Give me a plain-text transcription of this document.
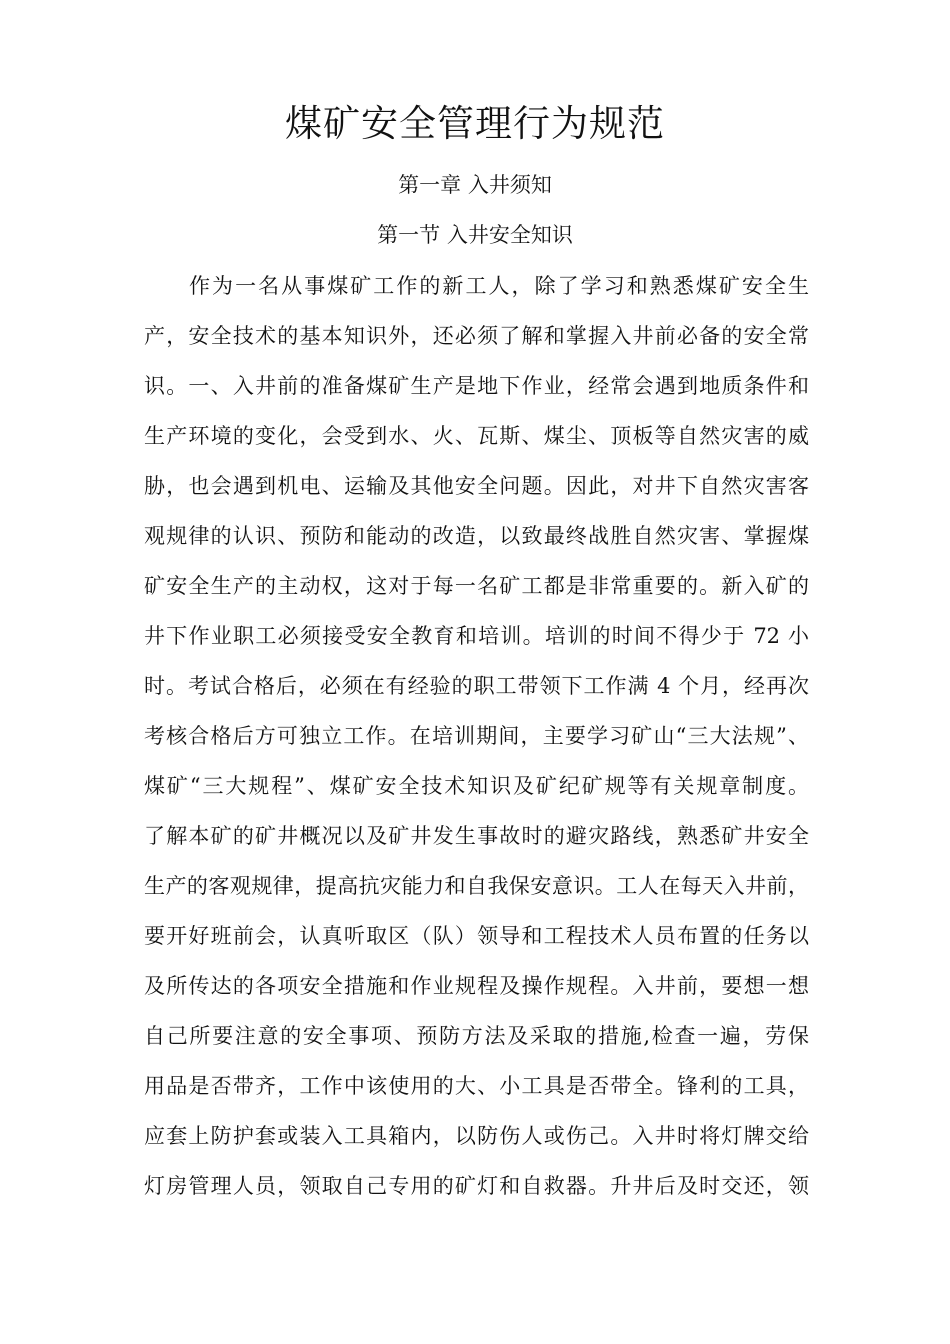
煤矿安全管理行为规范
第一章 入井须知
第一节 入井安全知识
作为一名从事煤矿工作的新工人，除了学习和熟悉煤矿安全生
产，安全技术的基本知识外，还必须了解和掌握入井前必备的安全常
识。一、入井前的准备煤矿生产是地下作业，经常会遇到地质条件和
生产环境的变化，会受到水、火、瓦斯、煤尘、顶板等自然灾害的威
胁，也会遇到机电、运输及其他安全问题。因此，对井下自然灾害客
观规律的认识、预防和能动的改造，以致最终战胜自然灾害、掌握煤
矿安全生产的主动权，这对于每一名矿工都是非常重要的。新入矿的
井下作业职工必须接受安全教育和培训。培训的时间不得少于 72 小
时。考试合格后，必须在有经验的职工带领下工作满 4 个月，经再次
考核合格后方可独立工作。在培训期间，主要学习矿山“三大法规”、
煤矿“三大规程”、煤矿安全技术知识及矿纪矿规等有关规章制度。
了解本矿的矿井概况以及矿井发生事故时的避灾路线，熟悉矿井安全
生产的客观规律，提高抗灾能力和自我保安意识。工人在每天入井前，
要开好班前会，认真听取区（队）领导和工程技术人员布置的任务以
及所传达的各项安全措施和作业规程及操作规程。入井前，要想一想
自己所要注意的安全事项、预防方法及采取的措施,检查一遍，劳保
用品是否带齐，工作中该使用的大、小工具是否带全。锋利的工具，
应套上防护套或装入工具箱内，以防伤人或伤己。入井时将灯牌交给
灯房管理人员，领取自己专用的矿灯和自救器。升井后及时交还，领
